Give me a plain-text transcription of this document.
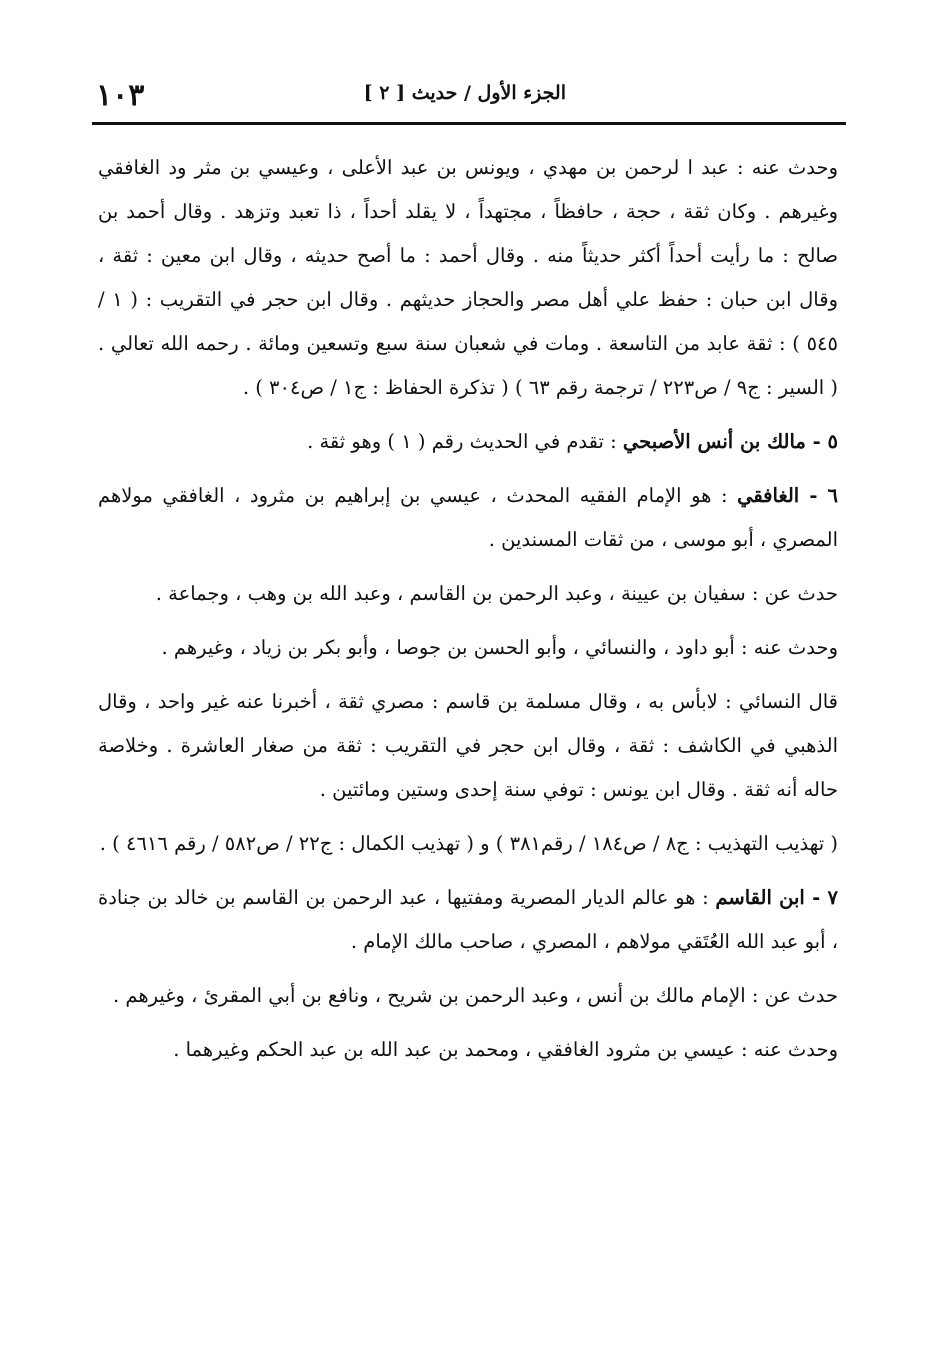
١٠٣	الجزء الأول / حديث [ ٢ ]

وحدث عنه : عبد ا لرحمن بن مهدي ، ويونس بن عبد الأعلى ، وعيسي بن مثر ود الغافقي وغيرهم . وكان ثقة ، حجة ، حافظاً ، مجتهداً ، لا يقلد أحداً ، ذا تعبد وتزهد . وقال أحمد بن صالح : ما رأيت أحداً أكثر حديثاً منه . وقال أحمد : ما أصح حديثه ، وقال ابن معين : ثقة ، وقال ابن حبان : حفظ علي أهل مصر والحجاز حديثهم . وقال ابن حجر في التقريب : ( ١ / ٥٤٥ ) : ثقة عابد من التاسعة . ومات في شعبان سنة سبع وتسعين ومائة . رحمه الله تعالي . ( السير : ج٩ / ص٢٢٣ / ترجمة رقم ٦٣ ) ( تذكرة الحفاظ : ج١ / ص٣٠٤ ) .

٥ - مالك بن أنس الأصبحي : تقدم في الحديث رقم ( ١ ) وهو ثقة .

٦ - الغافقي : هو الإمام الفقيه المحدث ، عيسي بن إبراهيم بن مثرود ، الغافقي مولاهم المصري ، أبو موسى ، من ثقات المسندين .

حدث عن : سفيان بن عيينة ، وعبد الرحمن بن القاسم ، وعبد الله بن وهب ، وجماعة .

وحدث عنه : أبو داود ، والنسائي ، وأبو الحسن بن جوصا ، وأبو بكر بن زياد ، وغيرهم .

قال النسائي : لابأس به ، وقال مسلمة بن قاسم : مصري ثقة ، أخبرنا عنه غير واحد ، وقال الذهبي في الكاشف : ثقة ، وقال ابن حجر في التقريب : ثقة من صغار العاشرة . وخلاصة حاله أنه ثقة . وقال ابن يونس : توفي سنة إحدى وستين ومائتين .

( تهذيب التهذيب : ج٨ / ص١٨٤ / رقم٣٨١ ) و ( تهذيب الكمال : ج٢٢ / ص٥٨٢ / رقم ٤٦١٦ ) .

٧ - ابن القاسم : هو عالم الديار المصرية ومفتيها ، عبد الرحمن بن القاسم بن خالد بن جنادة ، أبو عبد الله العُتَقي مولاهم ، المصري ، صاحب مالك الإمام .

حدث عن : الإمام مالك بن أنس ، وعبد الرحمن بن شريح ، ونافع بن أبي المقرئ ، وغيرهم .

وحدث عنه : عيسي بن مثرود الغافقي ، ومحمد بن عبد الله بن عبد الحكم وغيرهما .
